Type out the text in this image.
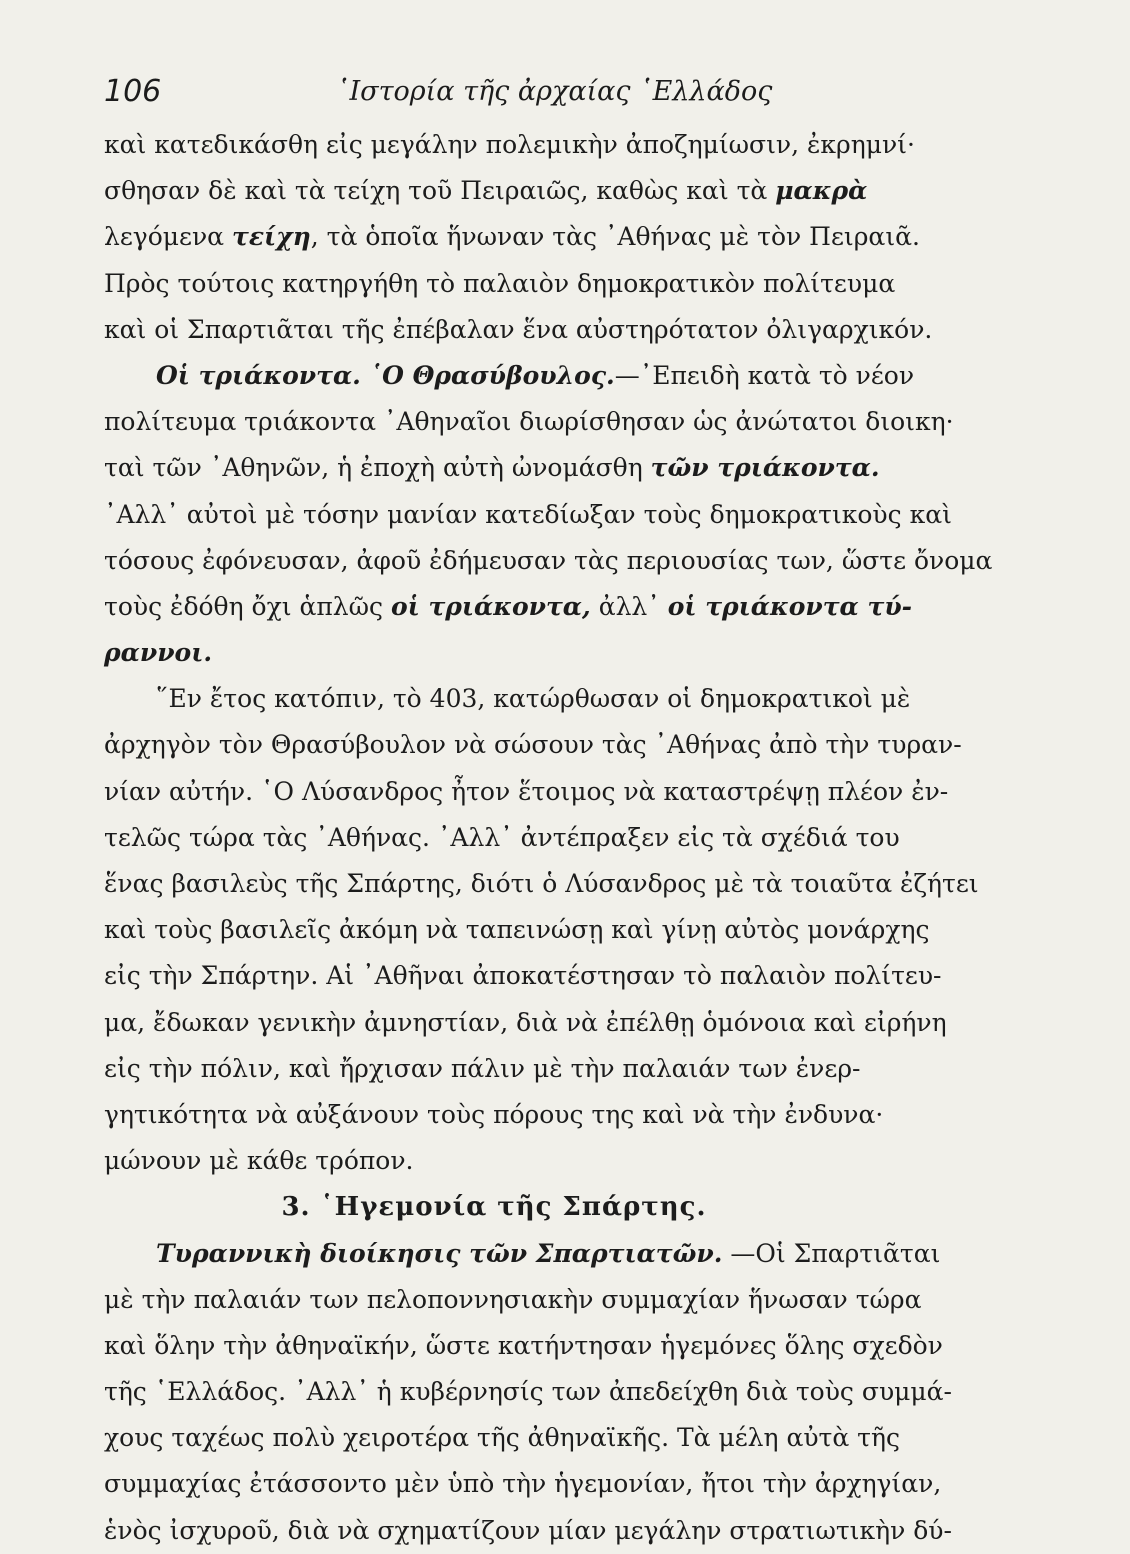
106	῾Ιστορία τῆς ἀρχαίας ῾Ελλάδος
καὶ κατεδικάσθη εἰς μεγάλην πολεμικὴν ἀποζημίωσιν, ἐκρημνί·
σθησαν δὲ καὶ τὰ τείχη τοῦ Πειραιῶς, καθὼς καὶ τὰ μακρὰ
λεγόμενα τείχη, τὰ ὁποῖα ἥνωναν τὰς ᾿Αθήνας μὲ τὸν Πειραιᾶ.
Πρὸς τούτοις κατηργήθη τὸ παλαιὸν δημοκρατικὸν πολίτευμα
καὶ οἱ Σπαρτιᾶται τῆς ἐπέβαλαν ἕνα αὐστηρότατον ὀλιγαρχικόν.
Οἱ τριάκοντα. ῾Ο Θρασύβουλος.—᾿Επειδὴ κατὰ τὸ νέον
πολίτευμα τριάκοντα ᾿Αθηναῖοι διωρίσθησαν ὡς ἀνώτατοι διοικη·
ταὶ τῶν ᾿Αθηνῶν, ἡ ἐποχὴ αὐτὴ ὠνομάσθη τῶν τριάκοντα.
᾿Αλλ᾿ αὐτοὶ μὲ τόσην μανίαν κατεδίωξαν τοὺς δημοκρατικοὺς καὶ
τόσους ἐφόνευσαν, ἀφοῦ ἐδήμευσαν τὰς περιουσίας των, ὥστε ὄνομα
τοὺς ἐδόθη ὄχι ἁπλῶς οἱ τριάκοντα, ἀλλ᾿ οἱ τριάκοντα τύ-
ραννοι.
῞Εν ἔτος κατόπιν, τὸ 403, κατώρθωσαν οἱ δημοκρατικοὶ μὲ
ἀρχηγὸν τὸν Θρασύβουλον νὰ σώσουν τὰς ᾿Αθήνας ἀπὸ τὴν τυραν-
νίαν αὐτήν. ῾Ο Λύσανδρος ἦτον ἕτοιμος νὰ καταστρέψῃ πλέον ἐν-
τελῶς τώρα τὰς ᾿Αθήνας. ᾿Αλλ᾿ ἀντέπραξεν εἰς τὰ σχέδιά του
ἕνας βασιλεὺς τῆς Σπάρτης, διότι ὁ Λύσανδρος μὲ τὰ τοιαῦτα ἐζήτει
καὶ τοὺς βασιλεῖς ἀκόμη νὰ ταπεινώσῃ καὶ γίνῃ αὐτὸς μονάρχης
εἰς τὴν Σπάρτην. Αἱ ᾿Αθῆναι ἀποκατέστησαν τὸ παλαιὸν πολίτευ-
μα, ἔδωκαν γενικὴν ἀμνηστίαν, διὰ νὰ ἐπέλθῃ ὁμόνοια καὶ εἰρήνη
εἰς τὴν πόλιν, καὶ ἤρχισαν πάλιν μὲ τὴν παλαιάν των ἐνερ-
γητικότητα νὰ αὐξάνουν τοὺς πόρους της καὶ νὰ τὴν ἐνδυνα·
μώνουν μὲ κάθε τρόπον.
3. ῾Ηγεμονία τῆς Σπάρτης.
Τυραννικὴ διοίκησις τῶν Σπαρτιατῶν. —Οἱ Σπαρτιᾶται
μὲ τὴν παλαιάν των πελοποννησιακὴν συμμαχίαν ἥνωσαν τώρα
καὶ ὅλην τὴν ἀθηναϊκήν, ὥστε κατήντησαν ἡγεμόνες ὅλης σχεδὸν
τῆς ῾Ελλάδος. ᾿Αλλ᾿ ἡ κυβέρνησίς των ἀπεδείχθη διὰ τοὺς συμμά-
χους ταχέως πολὺ χειροτέρα τῆς ἀθηναϊκῆς. Τὰ μέλη αὐτὰ τῆς
συμμαχίας ἐτάσσοντο μὲν ὑπὸ τὴν ἡγεμονίαν, ἤτοι τὴν ἀρχηγίαν,
ἑνὸς ἰσχυροῦ, διὰ νὰ σχηματίζουν μίαν μεγάλην στρατιωτικὴν δύ-
